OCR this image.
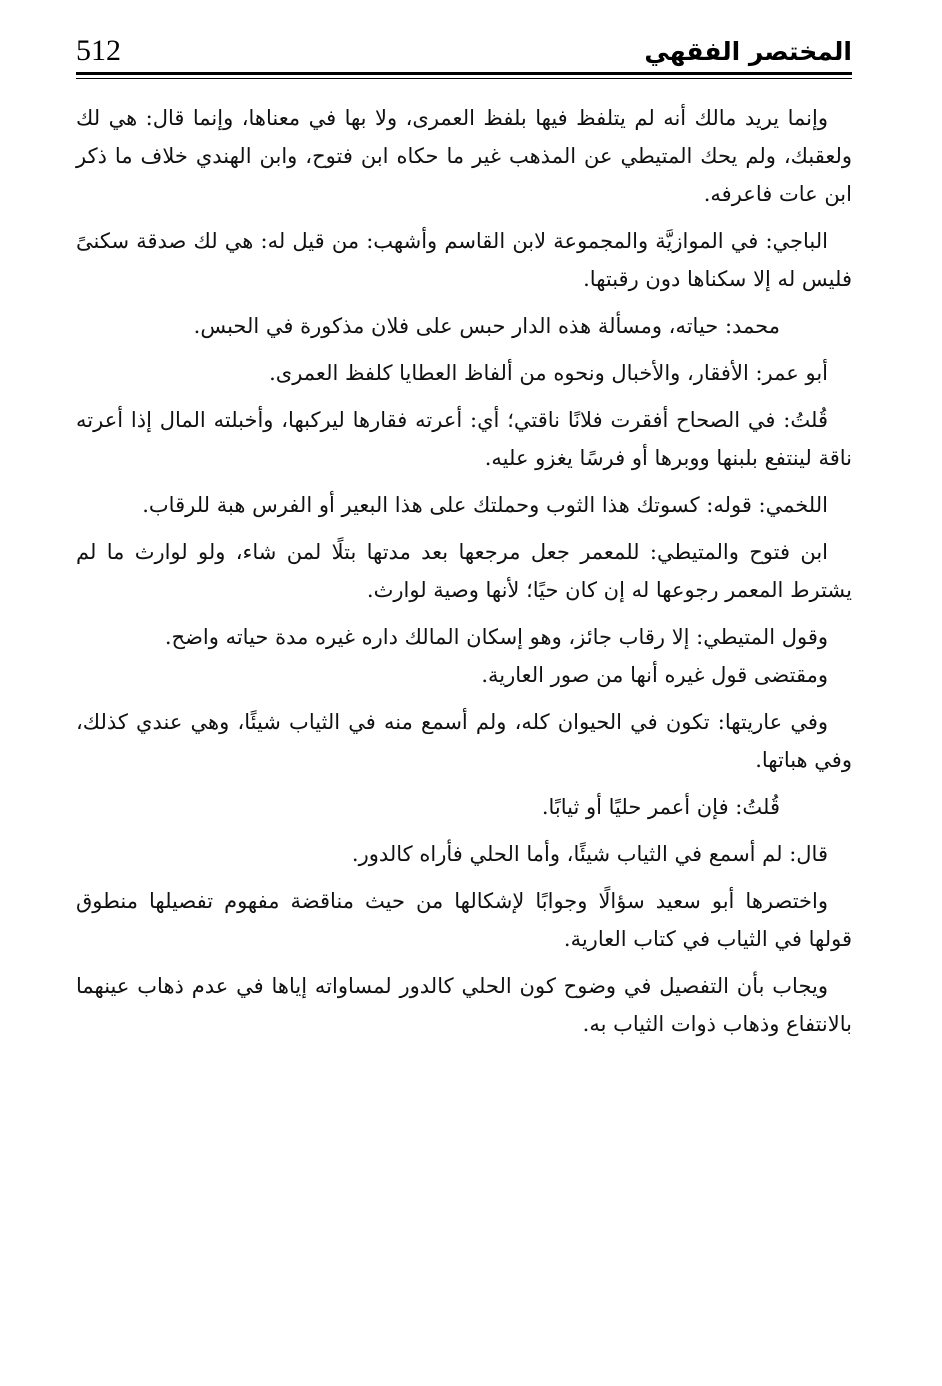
512	المختصر الفقهي

وإنما يريد مالك أنه لم يتلفظ فيها بلفظ العمرى، ولا بها في معناها، وإنما قال: هي لك ولعقبك، ولم يحك المتيطي عن المذهب غير ما حكاه ابن فتوح، وابن الهندي خلاف ما ذكر ابن عات فاعرفه.

الباجي: في الموازيَّة والمجموعة لابن القاسم وأشهب: من قيل له: هي لك صدقة سكنىً فليس له إلا سكناها دون رقبتها.

محمد: حياته، ومسألة هذه الدار حبس على فلان مذكورة في الحبس.

أبو عمر: الأفقار، والأخبال ونحوه من ألفاظ العطايا كلفظ العمرى.

قُلتُ: في الصحاح أفقرت فلانًا ناقتي؛ أي: أعرته فقارها ليركبها، وأخبلته المال إذا أعرته ناقة لينتفع بلبنها ووبرها أو فرسًا يغزو عليه.

اللخمي: قوله: كسوتك هذا الثوب وحملتك على هذا البعير أو الفرس هبة للرقاب.

ابن فتوح والمتيطي: للمعمر جعل مرجعها بعد مدتها بتلًا لمن شاء، ولو لوارث ما لم يشترط المعمر رجوعها له إن كان حيًا؛ لأنها وصية لوارث.

وقول المتيطي: إلا رقاب جائز، وهو إسكان المالك داره غيره مدة حياته واضح.

ومقتضى قول غيره أنها من صور العارية.

وفي عاريتها: تكون في الحيوان كله، ولم أسمع منه في الثياب شيئًا، وهي عندي كذلك، وفي هباتها.

قُلتُ: فإن أعمر حليًا أو ثيابًا.

قال: لم أسمع في الثياب شيئًا، وأما الحلي فأراه كالدور.

واختصرها أبو سعيد سؤالًا وجوابًا لإشكالها من حيث مناقضة مفهوم تفصيلها منطوق قولها في الثياب في كتاب العارية.

ويجاب بأن التفصيل في وضوح كون الحلي كالدور لمساواته إياها في عدم ذهاب عينهما بالانتفاع وذهاب ذوات الثياب به.
